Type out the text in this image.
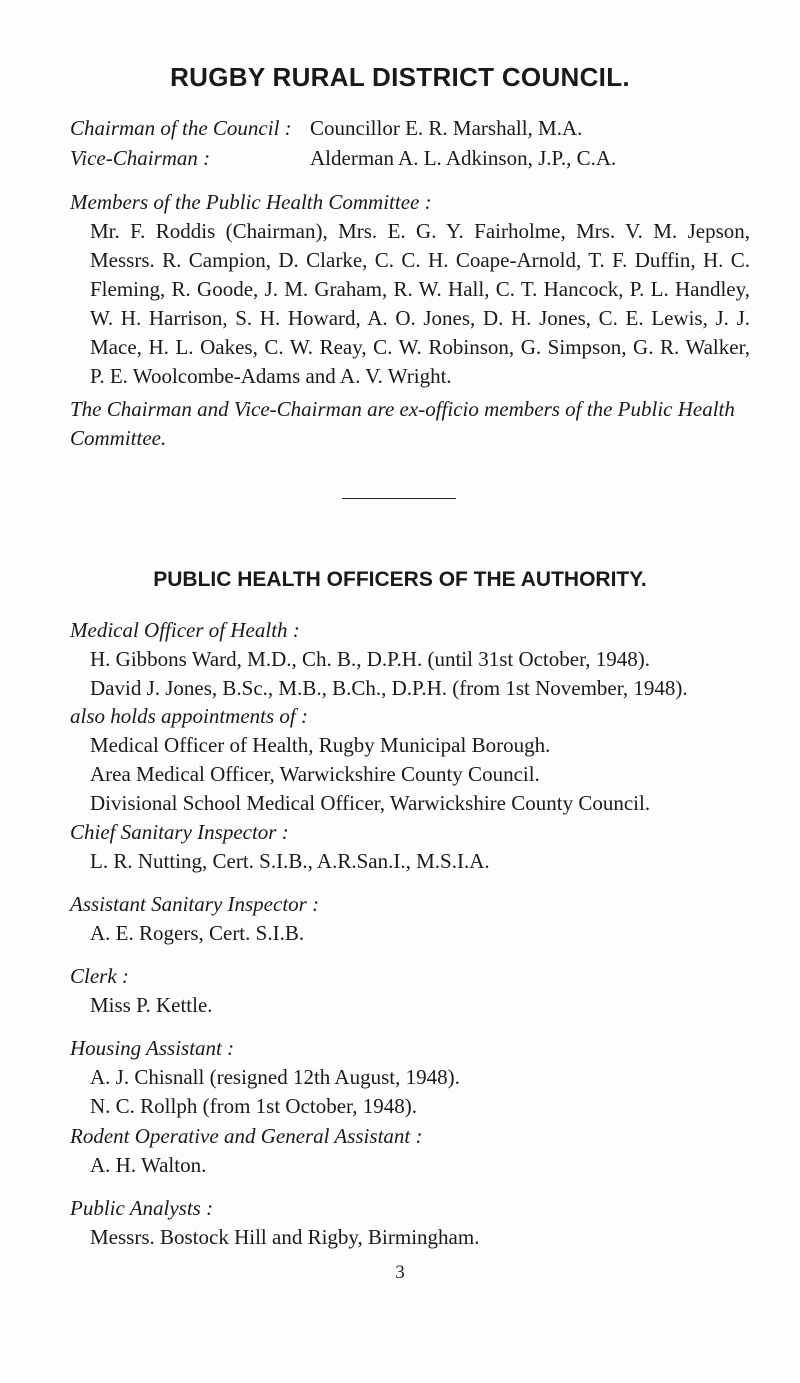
RUGBY RURAL DISTRICT COUNCIL.
Chairman of the Council : Councillor E. R. Marshall, M.A.
Vice-Chairman :	Alderman A. L. Adkinson, J.P., C.A.
Members of the Public Health Committee :
Mr. F. Roddis (Chairman), Mrs. E. G. Y. Fairholme, Mrs. V. M. Jepson, Messrs. R. Campion, D. Clarke, C. C. H. Coape-Arnold, T. F. Duffin, H. C. Fleming, R. Goode, J. M. Graham, R. W. Hall, C. T. Hancock, P. L. Handley, W. H. Harrison, S. H. Howard, A. O. Jones, D. H. Jones, C. E. Lewis, J. J. Mace, H. L. Oakes, C. W. Reay, C. W. Robinson, G. Simpson, G. R. Walker, P. E. Woolcombe-Adams and A. V. Wright.
The Chairman and Vice-Chairman are ex-officio members of the Public Health Committee.
PUBLIC HEALTH OFFICERS OF THE AUTHORITY.
Medical Officer of Health :
H. Gibbons Ward, M.D., Ch. B., D.P.H. (until 31st October, 1948).
David J. Jones, B.Sc., M.B., B.Ch., D.P.H. (from 1st November, 1948).
also holds appointments of :
Medical Officer of Health, Rugby Municipal Borough.
Area Medical Officer, Warwickshire County Council.
Divisional School Medical Officer, Warwickshire County Council.
Chief Sanitary Inspector :
L. R. Nutting, Cert. S.I.B., A.R.San.I., M.S.I.A.
Assistant Sanitary Inspector :
A. E. Rogers, Cert. S.I.B.
Clerk :
Miss P. Kettle.
Housing Assistant :
A. J. Chisnall (resigned 12th August, 1948).
N. C. Rollph (from 1st October, 1948).
Rodent Operative and General Assistant :
A. H. Walton.
Public Analysts :
Messrs. Bostock Hill and Rigby, Birmingham.
3
